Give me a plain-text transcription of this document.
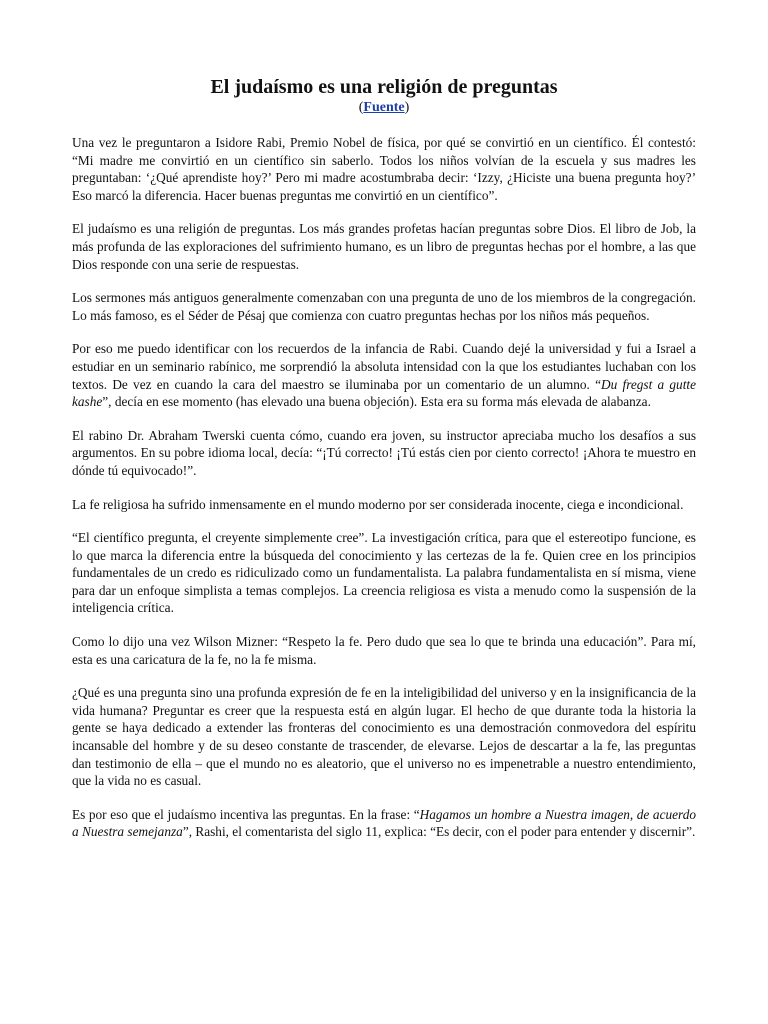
El judaísmo es una religión de preguntas
(Fuente)

Una vez le preguntaron a Isidore Rabi, Premio Nobel de física, por qué se convirtió en un científico. Él contestó: “Mi madre me convirtió en un científico sin saberlo. Todos los niños volvían de la escuela y sus madres les preguntaban: ‘¿Qué aprendiste hoy?’ Pero mi madre acostumbraba decir: ‘Izzy, ¿Hiciste una buena pregunta hoy?’ Eso marcó la diferencia. Hacer buenas preguntas me convirtió en un científico”.

El judaísmo es una religión de preguntas. Los más grandes profetas hacían preguntas sobre Dios. El libro de Job, la más profunda de las exploraciones del sufrimiento humano, es un libro de preguntas hechas por el hombre, a las que Dios responde con una serie de respuestas.

Los sermones más antiguos generalmente comenzaban con una pregunta de uno de los miembros de la congregación. Lo más famoso, es el Séder de Pésaj que comienza con cuatro preguntas hechas por los niños más pequeños.

Por eso me puedo identificar con los recuerdos de la infancia de Rabi. Cuando dejé la universidad y fui a Israel a estudiar en un seminario rabínico, me sorprendió la absoluta intensidad con la que los estudiantes luchaban con los textos. De vez en cuando la cara del maestro se iluminaba por un comentario de un alumno. “Du fregst a gutte kashe”, decía en ese momento (has elevado una buena objeción). Esta era su forma más elevada de alabanza.

El rabino Dr. Abraham Twerski cuenta cómo, cuando era joven, su instructor apreciaba mucho los desafíos a sus argumentos. En su pobre idioma local, decía: “¡Tú correcto! ¡Tú estás cien por ciento correcto! ¡Ahora te muestro en dónde tú equivocado!”.

La fe religiosa ha sufrido inmensamente en el mundo moderno por ser considerada inocente, ciega e incondicional.

“El científico pregunta, el creyente simplemente cree”. La investigación crítica, para que el estereotipo funcione, es lo que marca la diferencia entre la búsqueda del conocimiento y las certezas de la fe. Quien cree en los principios fundamentales de un credo es ridiculizado como un fundamentalista. La palabra fundamentalista en sí misma, viene para dar un enfoque simplista a temas complejos. La creencia religiosa es vista a menudo como la suspensión de la inteligencia crítica.

Como lo dijo una vez Wilson Mizner: “Respeto la fe. Pero dudo que sea lo que te brinda una educación”. Para mí, esta es una caricatura de la fe, no la fe misma.

¿Qué es una pregunta sino una profunda expresión de fe en la inteligibilidad del universo y en la insignificancia de la vida humana? Preguntar es creer que la respuesta está en algún lugar. El hecho de que durante toda la historia la gente se haya dedicado a extender las fronteras del conocimiento es una demostración conmovedora del espíritu incansable del hombre y de su deseo constante de trascender, de elevarse. Lejos de descartar a la fe, las preguntas dan testimonio de ella – que el mundo no es aleatorio, que el universo no es impenetrable a nuestro entendimiento, que la vida no es casual.

Es por eso que el judaísmo incentiva las preguntas. En la frase: “Hagamos un hombre a Nuestra imagen, de acuerdo a Nuestra semejanza”, Rashi, el comentarista del siglo 11, explica: “Es decir, con el poder para entender y discernir”.
